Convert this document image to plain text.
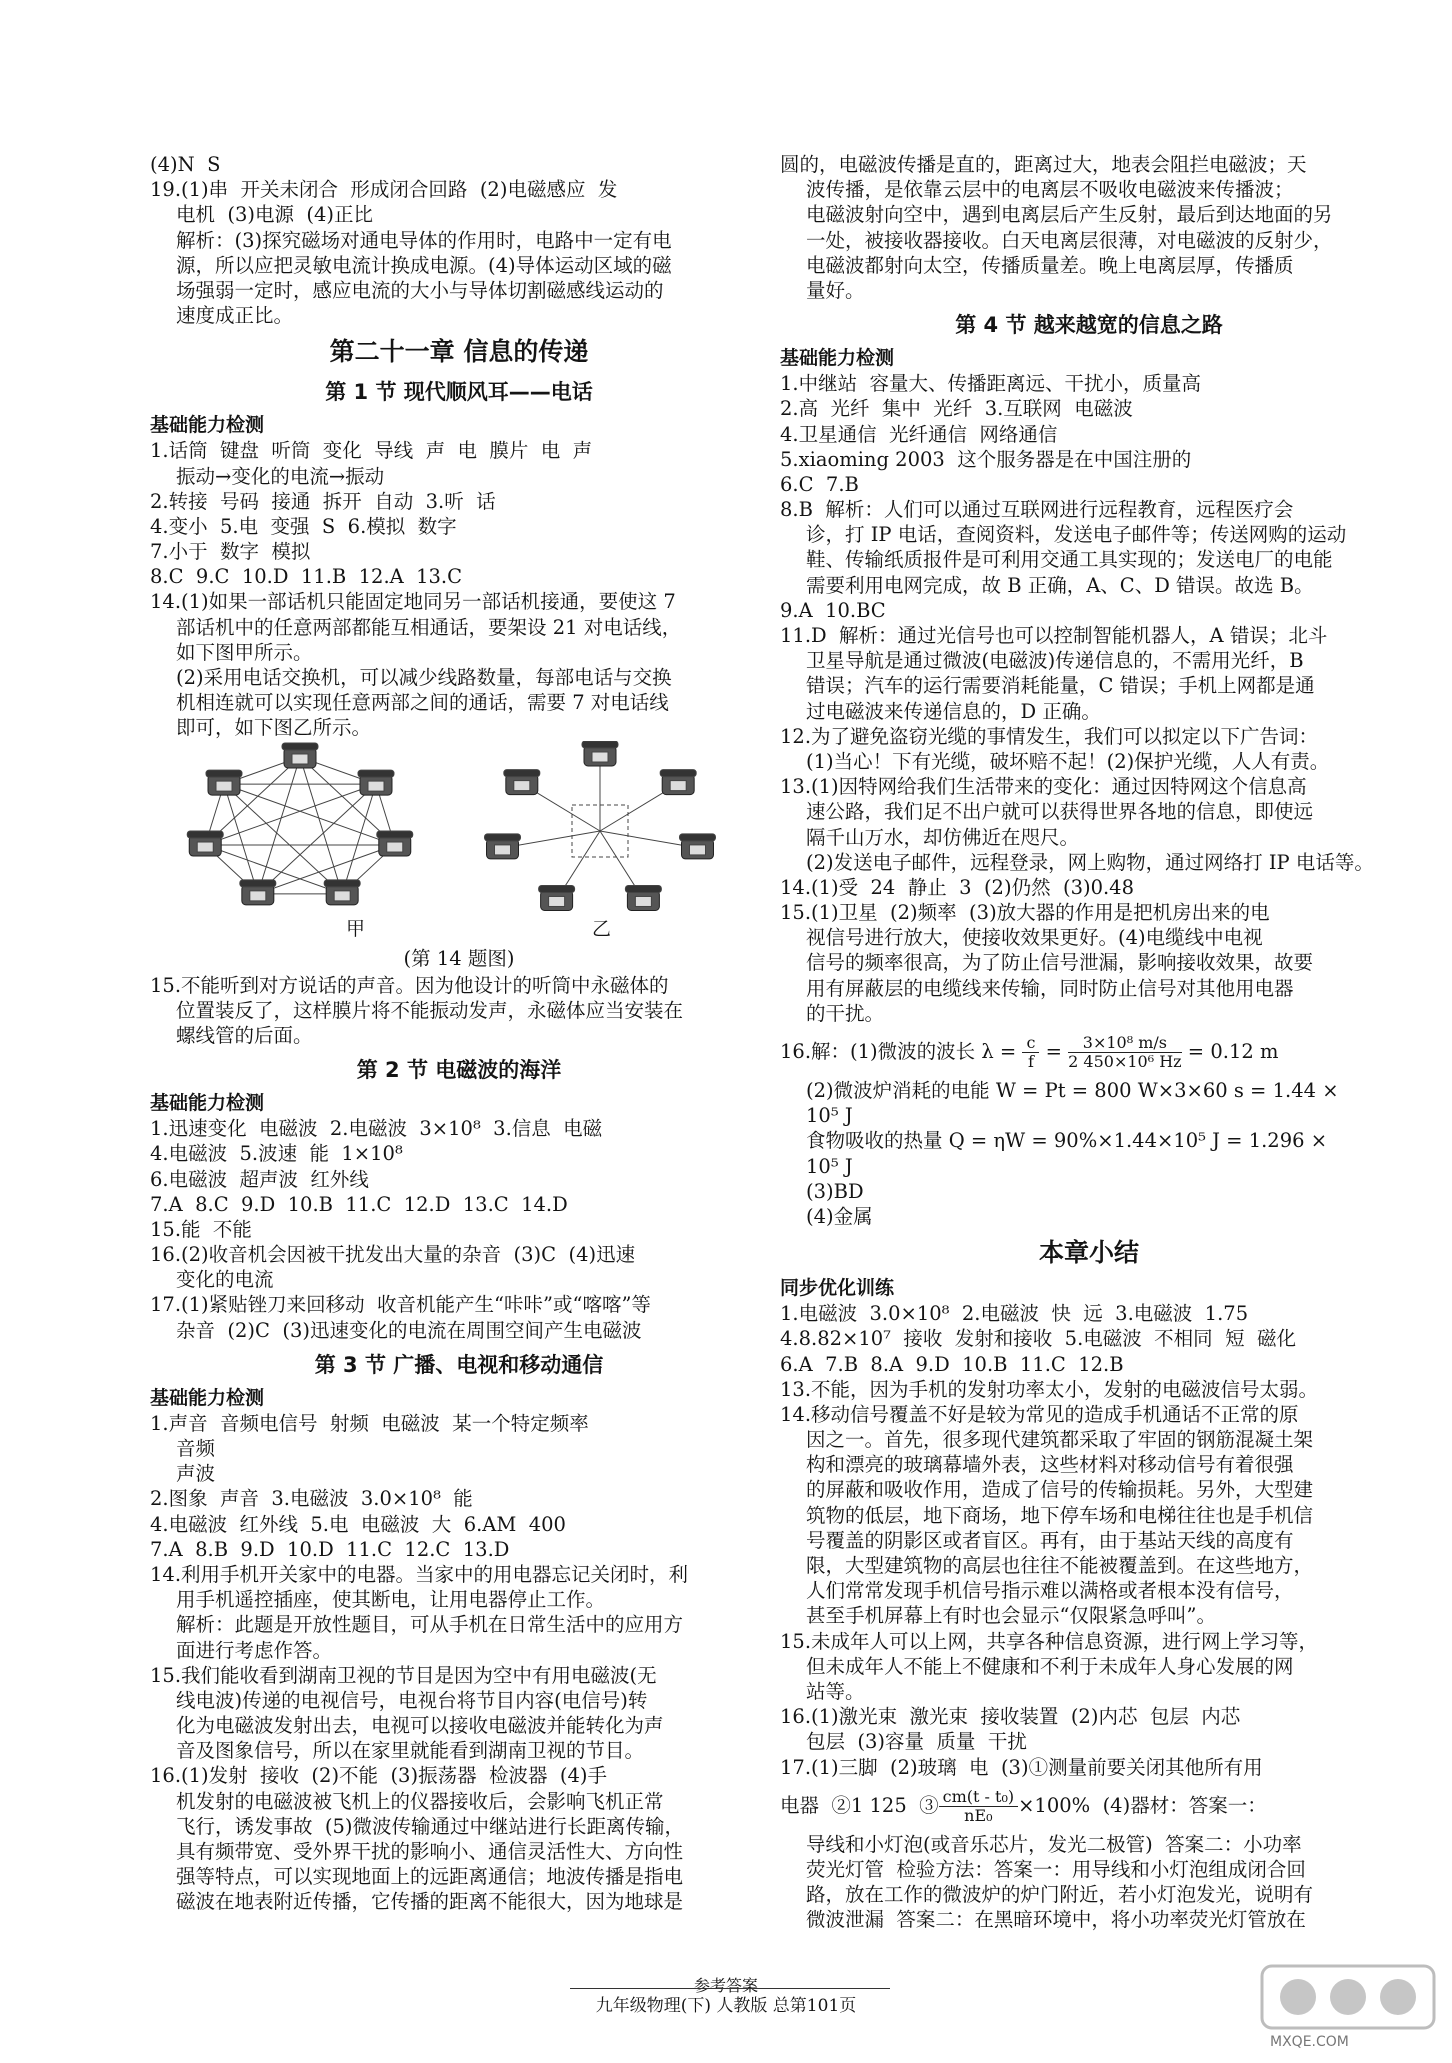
(4)N  S
19.(1)串  开关未闭合  形成闭合回路  (2)电磁感应  发
电机  (3)电源  (4)正比
解析：(3)探究磁场对通电导体的作用时，电路中一定有电
源，所以应把灵敏电流计换成电源。(4)导体运动区域的磁
场强弱一定时，感应电流的大小与导体切割磁感线运动的
速度成正比。
第二十一章 信息的传递
第 1 节 现代顺风耳——电话
基础能力检测
1.话筒  键盘  听筒  变化  导线  声  电  膜片  电  声
振动→变化的电流→振动
2.转接  号码  接通  拆开  自动  3.听  话
4.变小  5.电  变强  S  6.模拟  数字
7.小于  数字  模拟
8.C  9.C  10.D  11.B  12.A  13.C
14.(1)如果一部话机只能固定地同另一部话机接通，要使这 7
部话机中的任意两部都能互相通话，要架设 21 对电话线，
如下图甲所示。
(2)采用电话交换机，可以减少线路数量，每部电话与交换
机相连就可以实现任意两部之间的通话，需要 7 对电话线
即可，如下图乙所示。
甲	乙
(第 14 题图)
15.不能听到对方说话的声音。因为他设计的听筒中永磁体的
位置装反了，这样膜片将不能振动发声，永磁体应当安装在
螺线管的后面。
第 2 节 电磁波的海洋
基础能力检测
1.迅速变化  电磁波  2.电磁波  3×10⁸  3.信息  电磁
4.电磁波  5.波速  能  1×10⁸
6.电磁波  超声波  红外线
7.A  8.C  9.D  10.B  11.C  12.D  13.C  14.D
15.能  不能
16.(2)收音机会因被干扰发出大量的杂音  (3)C  (4)迅速
变化的电流
17.(1)紧贴锉刀来回移动  收音机能产生“咔咔”或“喀喀”等
杂音  (2)C  (3)迅速变化的电流在周围空间产生电磁波
第 3 节 广播、电视和移动通信
基础能力检测
1.声音  音频电信号  射频  电磁波  某一个特定频率
音频
声波
2.图象  声音  3.电磁波  3.0×10⁸  能
4.电磁波  红外线  5.电  电磁波  大  6.AM  400
7.A  8.B  9.D  10.D  11.C  12.C  13.D
14.利用手机开关家中的电器。当家中的用电器忘记关闭时，利
用手机遥控插座，使其断电，让用电器停止工作。
解析：此题是开放性题目，可从手机在日常生活中的应用方
面进行考虑作答。
15.我们能收看到湖南卫视的节目是因为空中有用电磁波(无
线电波)传递的电视信号，电视台将节目内容(电信号)转
化为电磁波发射出去，电视可以接收电磁波并能转化为声
音及图象信号，所以在家里就能看到湖南卫视的节目。
16.(1)发射  接收  (2)不能  (3)振荡器  检波器  (4)手
机发射的电磁波被飞机上的仪器接收后，会影响飞机正常
飞行，诱发事故  (5)微波传输通过中继站进行长距离传输，
具有频带宽、受外界干扰的影响小、通信灵活性大、方向性
强等特点，可以实现地面上的远距离通信；地波传播是指电
磁波在地表附近传播，它传播的距离不能很大，因为地球是
圆的，电磁波传播是直的，距离过大，地表会阻拦电磁波；天
波传播，是依靠云层中的电离层不吸收电磁波来传播波；
电磁波射向空中，遇到电离层后产生反射，最后到达地面的另
一处，被接收器接收。白天电离层很薄，对电磁波的反射少，
电磁波都射向太空，传播质量差。晚上电离层厚，传播质
量好。
第 4 节 越来越宽的信息之路
基础能力检测
1.中继站  容量大、传播距离远、干扰小，质量高
2.高  光纤  集中  光纤  3.互联网  电磁波
4.卫星通信  光纤通信  网络通信
5.xiaoming 2003  这个服务器是在中国注册的
6.C  7.B
8.B  解析：人们可以通过互联网进行远程教育，远程医疗会
诊，打 IP 电话，查阅资料，发送电子邮件等；传送网购的运动
鞋、传输纸质报件是可利用交通工具实现的；发送电厂的电能
需要利用电网完成，故 B 正确，A、C、D 错误。故选 B。
9.A  10.BC
11.D  解析：通过光信号也可以控制智能机器人，A 错误；北斗
卫星导航是通过微波(电磁波)传递信息的，不需用光纤，B
错误；汽车的运行需要消耗能量，C 错误；手机上网都是通
过电磁波来传递信息的，D 正确。
12.为了避免盗窃光缆的事情发生，我们可以拟定以下广告词：
(1)当心！下有光缆，破坏赔不起！(2)保护光缆，人人有责。
13.(1)因特网给我们生活带来的变化：通过因特网这个信息高
速公路，我们足不出户就可以获得世界各地的信息，即使远
隔千山万水，却仿佛近在咫尺。
(2)发送电子邮件，远程登录，网上购物，通过网络打 IP 电话等。
14.(1)受  24  静止  3  (2)仍然  (3)0.48
15.(1)卫星  (2)频率  (3)放大器的作用是把机房出来的电
视信号进行放大，使接收效果更好。(4)电缆线中电视
信号的频率很高，为了防止信号泄漏，影响接收效果，故要
用有屏蔽层的电缆线来传输，同时防止信号对其他用电器
的干扰。
16.解：(1)微波的波长 $\lambda = \frac{c}{f} = \frac{\text{3×10⁸ m/s}}{\text{2 450×10⁶ Hz}} = 0.12$ m
(2)微波炉消耗的电能 W = Pt = 800 W×3×60 s = 1.44 ×
10⁵ J
食物吸收的热量 Q = ηW = 90%×1.44×10⁵ J = 1.296 ×
10⁵ J
(3)BD
(4)金属
本章小结
同步优化训练
1.电磁波  3.0×10⁸  2.电磁波  快  远  3.电磁波  1.75
4.8.82×10⁷  接收  发射和接收  5.电磁波  不相同  短  磁化
6.A  7.B  8.A  9.D  10.B  11.C  12.B
13.不能，因为手机的发射功率太小，发射的电磁波信号太弱。
14.移动信号覆盖不好是较为常见的造成手机通话不正常的原
因之一。首先，很多现代建筑都采取了牢固的钢筋混凝土架
构和漂亮的玻璃幕墙外表，这些材料对移动信号有着很强
的屏蔽和吸收作用，造成了信号的传输损耗。另外，大型建
筑物的低层，地下商场，地下停车场和电梯往往也是手机信
号覆盖的阴影区或者盲区。再有，由于基站天线的高度有
限，大型建筑物的高层也往往不能被覆盖到。在这些地方，
人们常常发现手机信号指示难以满格或者根本没有信号，
甚至手机屏幕上有时也会显示“仅限紧急呼叫”。
15.未成年人可以上网，共享各种信息资源，进行网上学习等，
但未成年人不能上不健康和不利于未成年人身心发展的网
站等。
16.(1)激光束  激光束  接收装置  (2)内芯  包层  内芯
包层  (3)容量  质量  干扰
17.(1)三脚  (2)玻璃  电  (3)①测量前要关闭其他所有用
电器  ②1 125  ③ $\frac{\text{cm(t - t₀)}}{\text{nE₀}} \times 100\%$  (4)器材：答案一：
导线和小灯泡(或音乐芯片，发光二极管)  答案二：小功率
荧光灯管  检验方法：答案一：用导线和小灯泡组成闭合回
路，放在工作的微波炉的炉门附近，若小灯泡发光，说明有
微波泄漏  答案二：在黑暗环境中，将小功率荧光灯管放在
参考答案
九年级物理(下) 人教版 总第101页
MXQE.COM
